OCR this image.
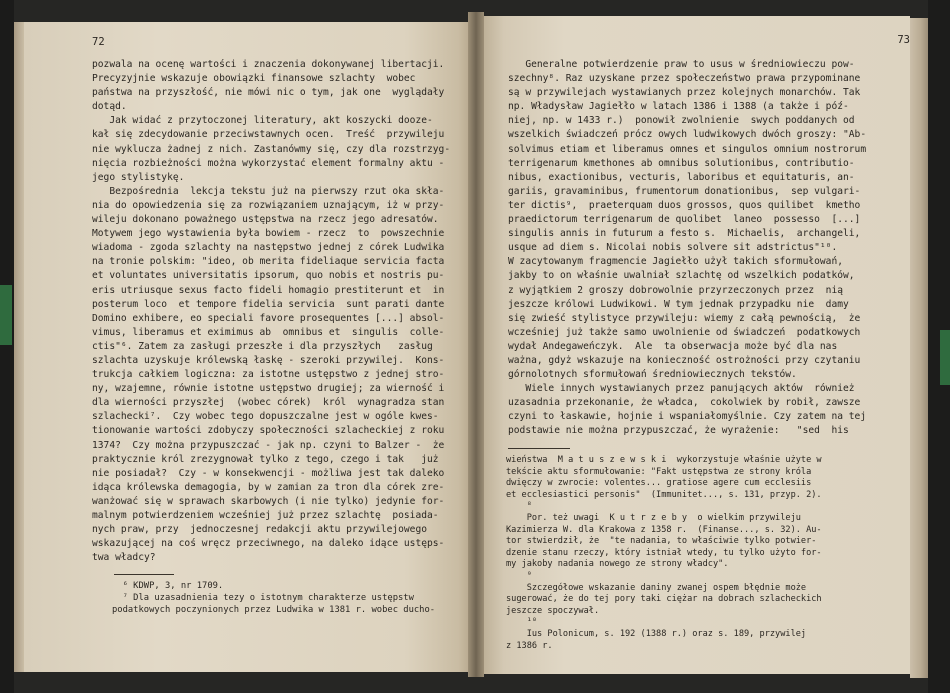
72	73
pozwala na ocenę wartości i znaczenia dokonywanej libertacji.
Precyzyjnie wskazuje obowiązki finansowe szlachty  wobec
państwa na przyszłość, nie mówi nic o tym, jak one  wyglądały
dotąd.
Jak widać z przytoczonej literatury, akt koszycki dooze-
kał się zdecydowanie przeciwstawnych ocen.  Treść  przywileju
nie wyklucza żadnej z nich. Zastanówmy się, czy dla rozstrzyg-
nięcia rozbieżności można wykorzystać element formalny aktu -
jego stylistykę.
Bezpośrednia  lekcja tekstu już na pierwszy rzut oka skła-
nia do opowiedzenia się za rozwiązaniem uznającym, iż w przy-
wileju dokonano poważnego ustępstwa na rzecz jego adresatów.
Motywem jego wystawienia była bowiem - rzecz  to  powszechnie
wiadoma - zgoda szlachty na następstwo jednej z córek Ludwika
na tronie polskim: "ideo, ob merita fideliaque servicia facta
et voluntates universitatis ipsorum, quo nobis et nostris pu-
eris utriusque sexus facto fideli homagio prestiterunt et  in
posterum loco  et tempore fidelia servicia  sunt parati dante
Domino exhibere, eo speciali favore prosequentes [...] absol-
vimus, liberamus et eximimus ab  omnibus et  singulis  colle-
ctis"⁶. Zatem za zasługi przeszłe i dla przyszłych   zasług
szlachta uzyskuje królewską łaskę - szeroki przywilej.  Kons-
trukcja całkiem logiczna: za istotne ustępstwo z jednej stro-
ny, wzajemne, równie istotne ustępstwo drugiej; za wierność i
dla wierności przyszłej  (wobec córek)  król  wynagradza stan
szlachecki⁷.  Czy wobec tego dopuszczalne jest w ogóle kwes-
tionowanie wartości zdobyczy społeczności szlacheckiej z roku
1374?  Czy można przypuszczać - jak np. czyni to Balzer -  że
praktycznie król zrezygnował tylko z tego, czego i tak   już
nie posiadał?  Czy - w konsekwencji - możliwa jest tak daleko
idąca królewska demagogia, by w zamian za tron dla córek zre-
wanżować się w sprawach skarbowych (i nie tylko) jedynie for-
malnym potwierdzeniem wcześniej już przez szlachtę  posiada-
nych praw, przy  jednoczesnej redakcji aktu przywilejowego
wskazującej na coś wręcz przeciwnego, na daleko idące ustęps-
twa władcy?
⁶ KDWP, 3, nr 1709.
⁷ Dla uzasadnienia tezy o istotnym charakterze ustępstw
podatkowych poczynionych przez Ludwika w 1381 r. wobec ducho-
Generalne potwierdzenie praw to usus w średniowieczu pow-
szechny⁸. Raz uzyskane przez społeczeństwo prawa przypominane
są w przywilejach wystawianych przez kolejnych monarchów. Tak
np. Władysław Jagiełło w latach 1386 i 1388 (a także i póź-
niej, np. w 1433 r.)  ponowił zwolnienie  swych poddanych od
wszelkich świadczeń prócz owych ludwikowych dwóch groszy: "Ab-
solvimus etiam et liberamus omnes et singulos omnium nostrorum
terrigenarum kmethones ab omnibus solutionibus, contributio-
nibus, exactionibus, vecturis, laboribus et equitaturis, an-
gariis, gravaminibus, frumentorum donationibus,  sep vulgari-
ter dictis⁹,  praeterquam duos grossos, quos quilibet  kmetho
praedictorum terrigenarum de quolibet  laneo  possesso  [...]
singulis annis in futurum a festo s.  Michaelis,  archangeli,
usque ad diem s. Nicolai nobis solvere sit adstrictus"¹⁰.
W zacytowanym fragmencie Jagiełło użył takich sformułowań,
jakby to on właśnie uwalniał szlachtę od wszelkich podatków,
z wyjątkiem 2 groszy dobrowolnie przyrzeczonych przez  nią
jeszcze królowi Ludwikowi. W tym jednak przypadku nie  damy
się zwieść stylistyce przywileju: wiemy z całą pewnością,  że
wcześniej już także samo uwolnienie od świadczeń  podatkowych
wydał Andegaweńczyk.  Ale  ta obserwacja może być dla nas
ważna, gdyż wskazuje na konieczność ostrożności przy czytaniu
górnolotnych sformułowań średniowiecznych tekstów.
Wiele innych wystawianych przez panujących aktów  również
uzasadnia przekonanie, że władca,  cokolwiek by robił, zawsze
czyni to łaskawie, hojnie i wspaniałomyślnie. Czy zatem na tej
podstawie nie można przypuszczać, że wyrażenie:   "sed  his
wieństwa  M a t u s z e w s k i  wykorzystuje właśnie użyte w
tekście aktu sformułowanie: "Fakt ustępstwa ze strony króla
dwięczy w zwrocie: volentes... gratiose agere cum ecclesiis
et ecclesiastici personis"  (Immunitet..., s. 131, przyp. 2).
⁸
Por. też uwagi  K u t r z e b y  o wielkim przywileju
Kazimierza W. dla Krakowa z 1358 r.  (Finanse..., s. 32). Au-
tor stwierdził, że  "te nadania, to właściwie tylko potwier-
dzenie stanu rzeczy, który istniał wtedy, tu tylko użyto for-
my jakoby nadania nowego ze strony władcy".
⁹
Szczegółowe wskazanie daniny zwanej ospem błędnie może
sugerować, że do tej pory taki ciężar na dobrach szlacheckich
jeszcze spoczywał.
¹⁰
Ius Polonicum, s. 192 (1388 r.) oraz s. 189, przywilej
z 1386 r.
